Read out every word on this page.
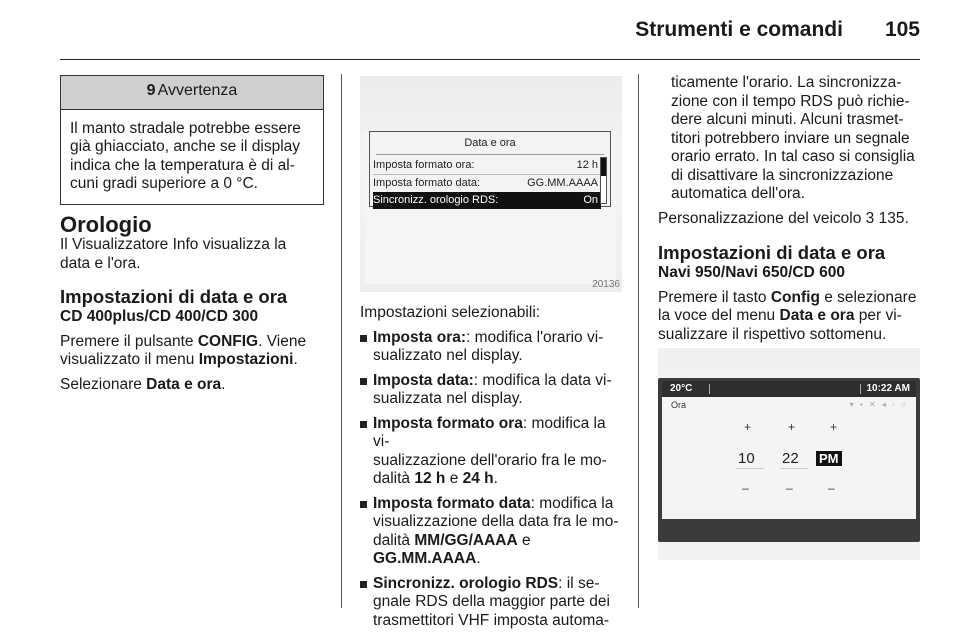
Strumenti e comandi 105
9 Avvertenza
Il manto stradale potrebbe essere
già ghiacciato, anche se il display
indica che la temperatura è di al-
cuni gradi superiore a 0 °C.
Orologio

Il Visualizzatore Info visualizza la
data e l'ora.

Impostazioni di data e ora
CD 400plus/CD 400/CD 300

Premere il pulsante CONFIG. Viene
visualizzato il menu Impostazioni.

Selezionare Data e ora.

Data e ora
Imposta formato ora:	12 h
Imposta formato data:	GG.MM.AAAA
Sincronizz. orologio RDS:	On
20136

Impostazioni selezionabili:

Imposta ora:: modifica l'orario vi-
sualizzato nel display.
Imposta data:: modifica la data vi-
sualizzata nel display.
Imposta formato ora: modifica la vi-
sualizzazione dell'orario fra le mo-
dalità 12 h e 24 h.
Imposta formato data: modifica la
visualizzazione della data fra le mo-
dalità MM/GG/AAAA e
GG.MM.AAAA.
Sincronizz. orologio RDS: il se-
gnale RDS della maggior parte dei
trasmettitori VHF imposta automa-

ticamente l'orario. La sincronizza-
zione con il tempo RDS può richie-
dere alcuni minuti. Alcuni trasmet-
titori potrebbero inviare un segnale
orario errato. In tal caso si consiglia
di disattivare la sincronizzazione
automatica dell'ora.

Personalizzazione del veicolo 3 135.

Impostazioni di data e ora
Navi 950/Navi 650/CD 600

Premere il tasto Config e selezionare
la voce del menu Data e ora per vi-
sualizzare il rispettivo sottomenu.

20°C	10:22 AM
Ora	▾ ▪ ✕ ◂ ◦ ○
+	+	+
10 22 PM
–	–	–
